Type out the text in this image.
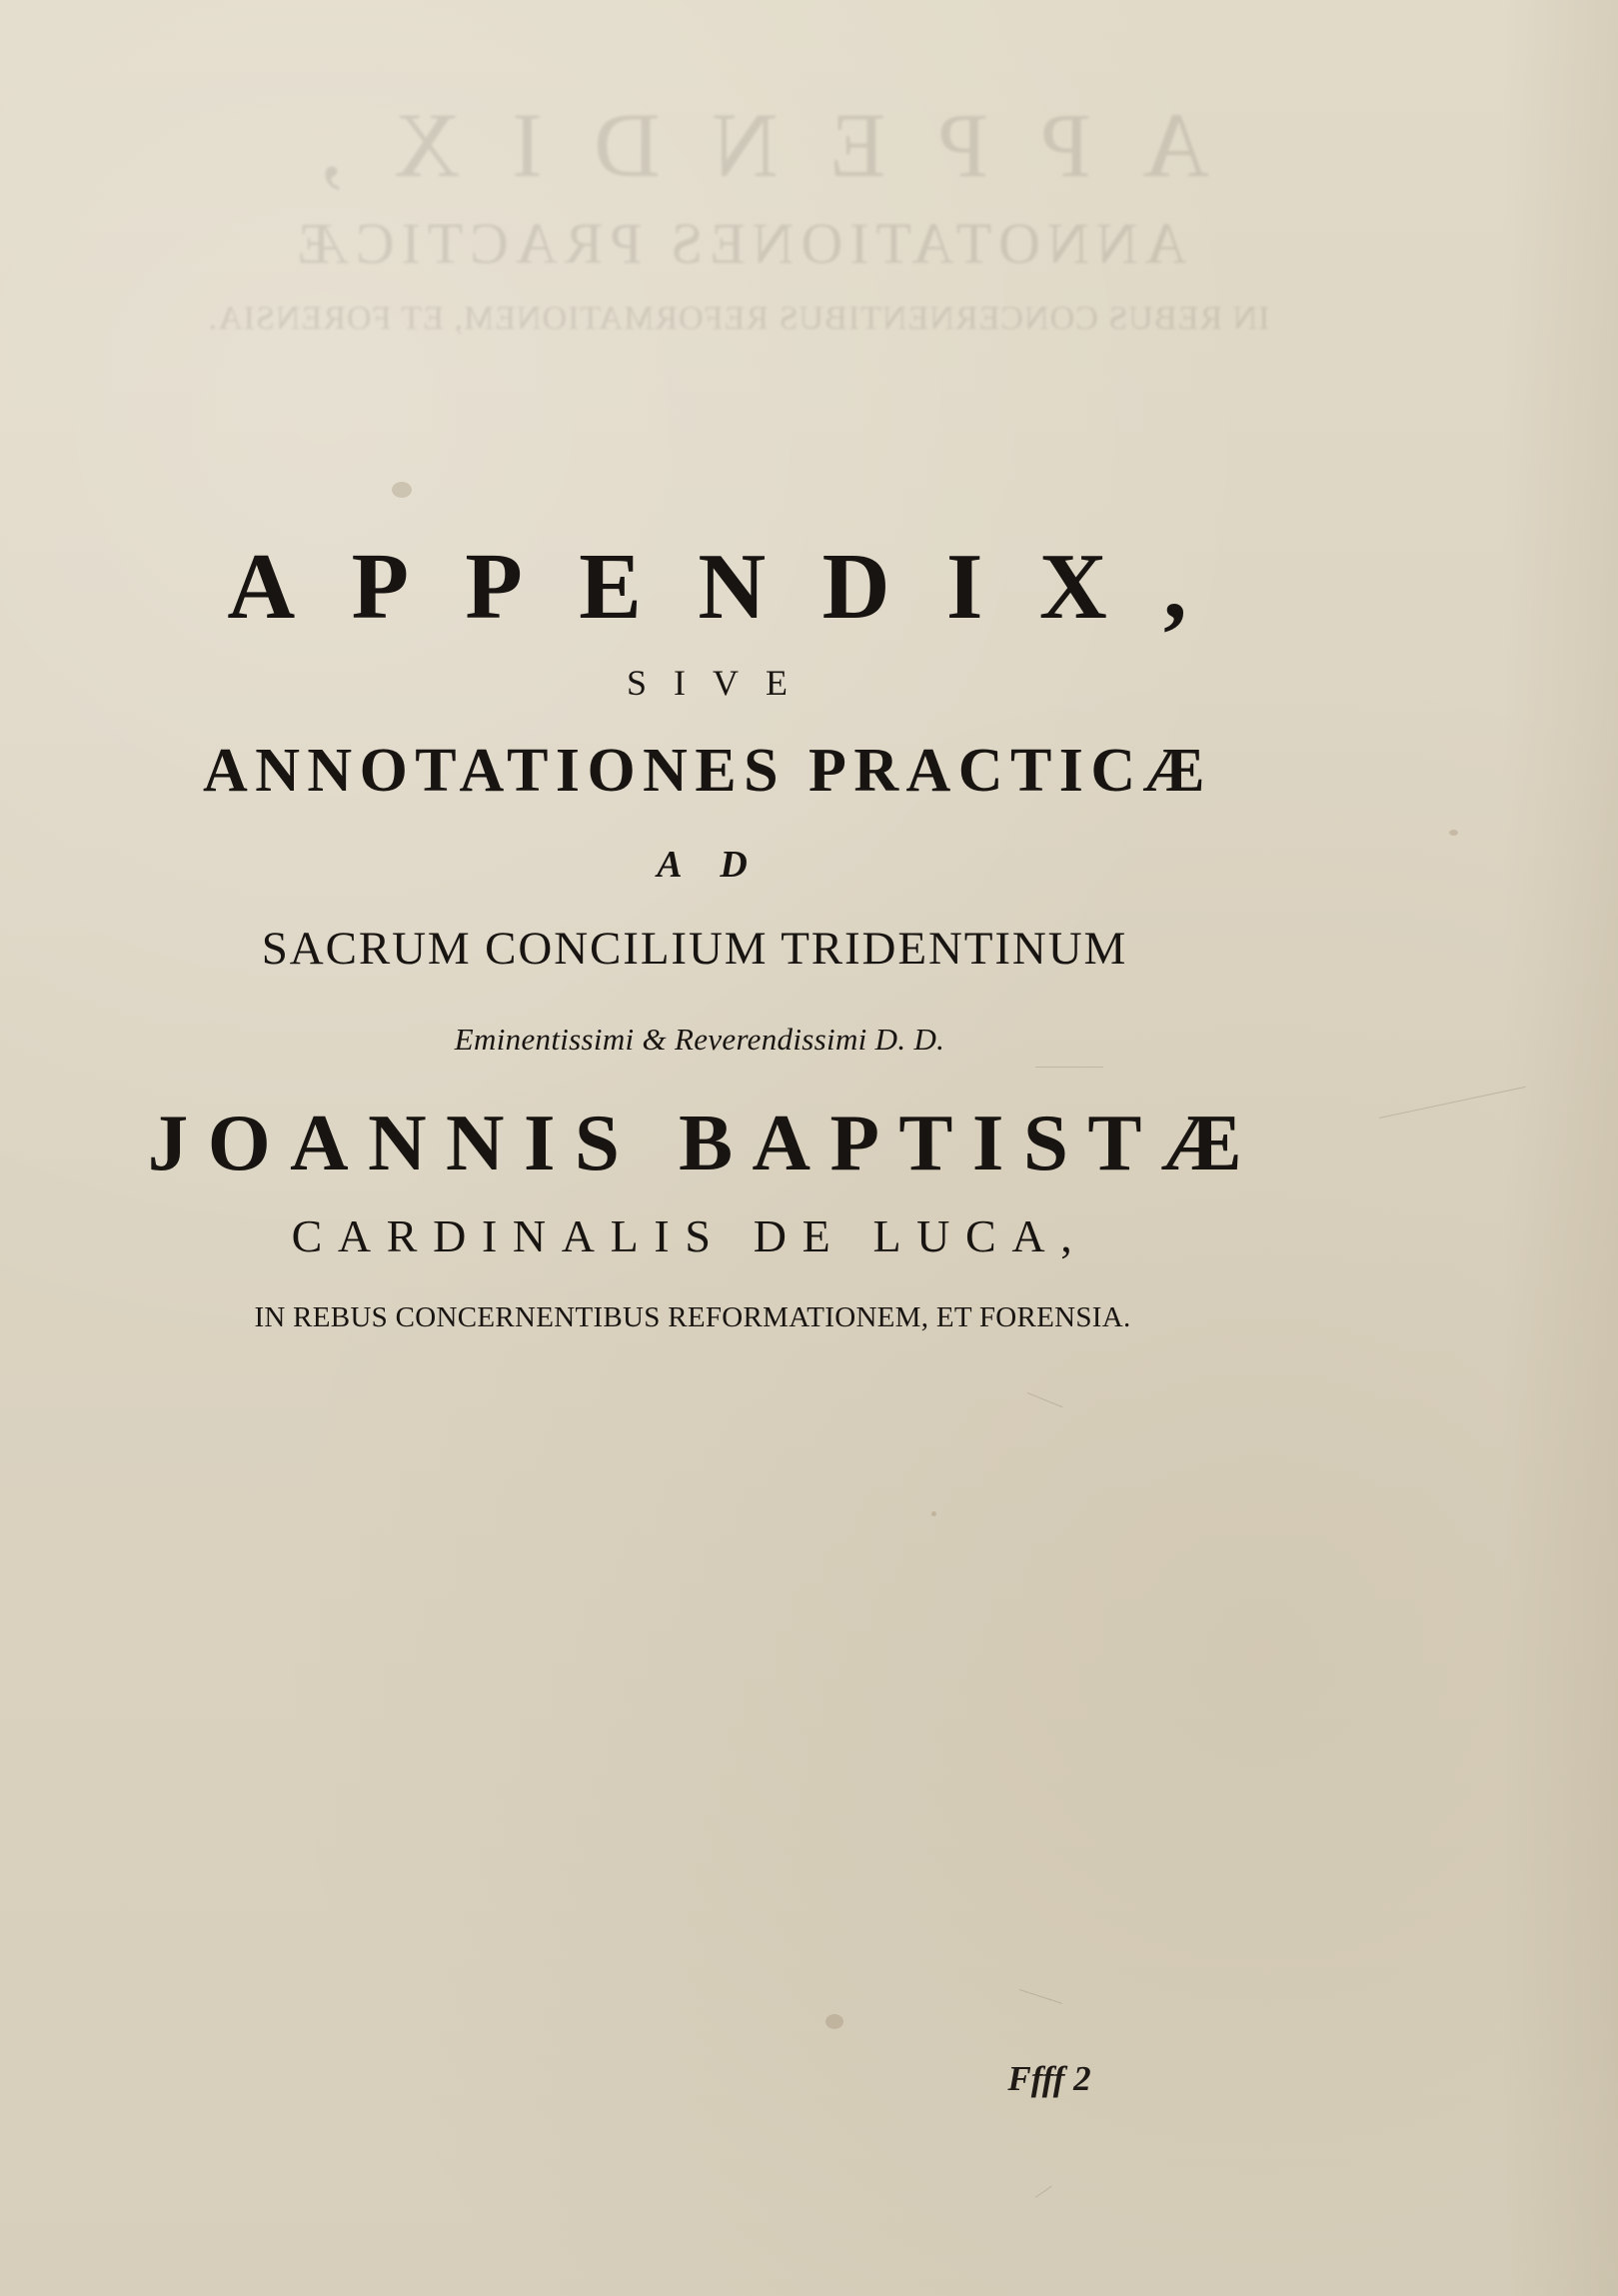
APPENDIX,
ANNOTATIONES PRACTICÆ
IN REBUS CONCERNENTIBUS REFORMATIONEM, ET FORENSIA.
APPENDIX,
SIVE
ANNOTATIONES PRACTICÆ
A D
SACRUM CONCILIUM TRIDENTINUM
Eminentissimi & Reverendissimi D. D.
JOANNIS BAPTISTÆ
CARDINALIS DE LUCA,
IN REBUS CONCERNENTIBUS REFORMATIONEM, ET FORENSIA.
Ffff 2
